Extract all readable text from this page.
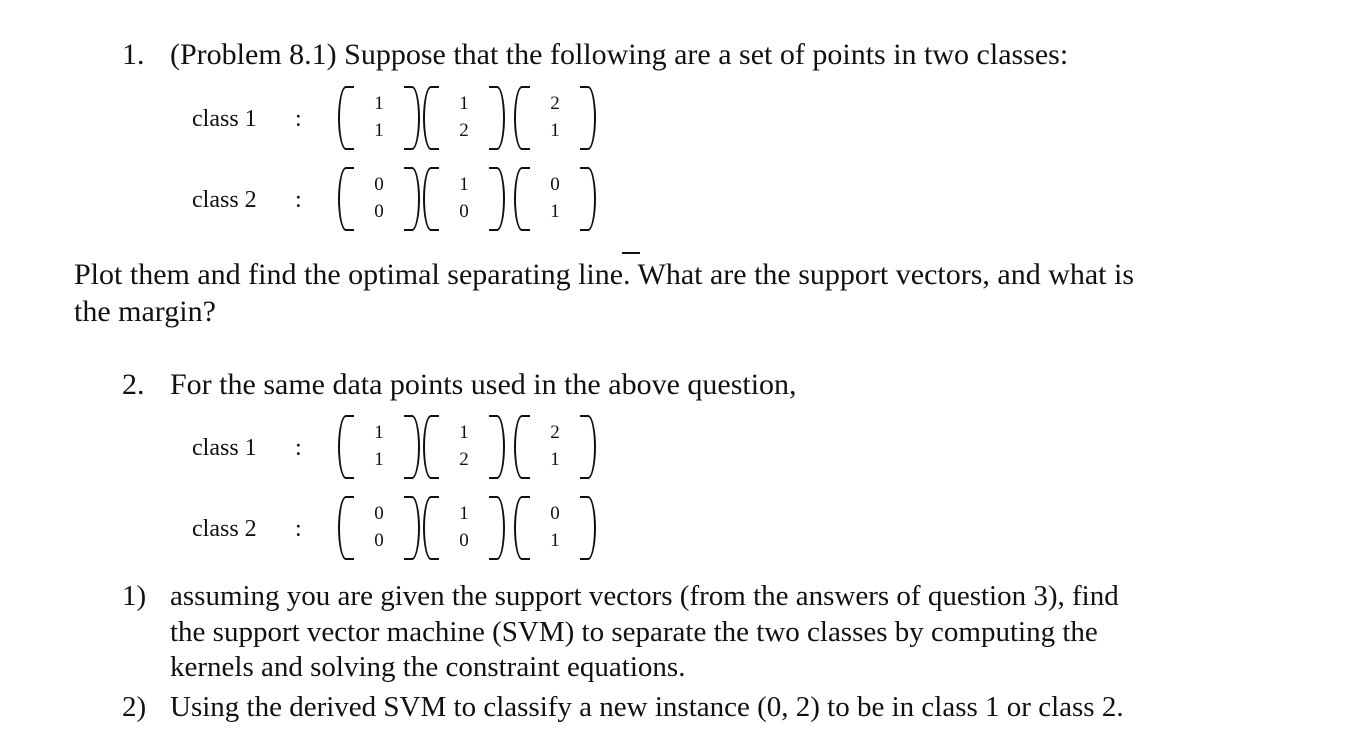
1. (Problem 8.1) Suppose that the following are a set of points in two classes:
class 1 :
1
1
1
2
2
1
class 2 :
0
0
1
0
0
1
Plot them and find the optimal separating line. What are the support vectors, and what is
the margin?
2. For the same data points used in the above question,
class 1 :
1
1
1
2
2
1
class 2 :
0
0
1
0
0
1
1) assuming you are given the support vectors (from the answers of question 3), find
the support vector machine (SVM) to separate the two classes by computing the
kernels and solving the constraint equations.
2) Using the derived SVM to classify a new instance (0, 2) to be in class 1 or class 2.
